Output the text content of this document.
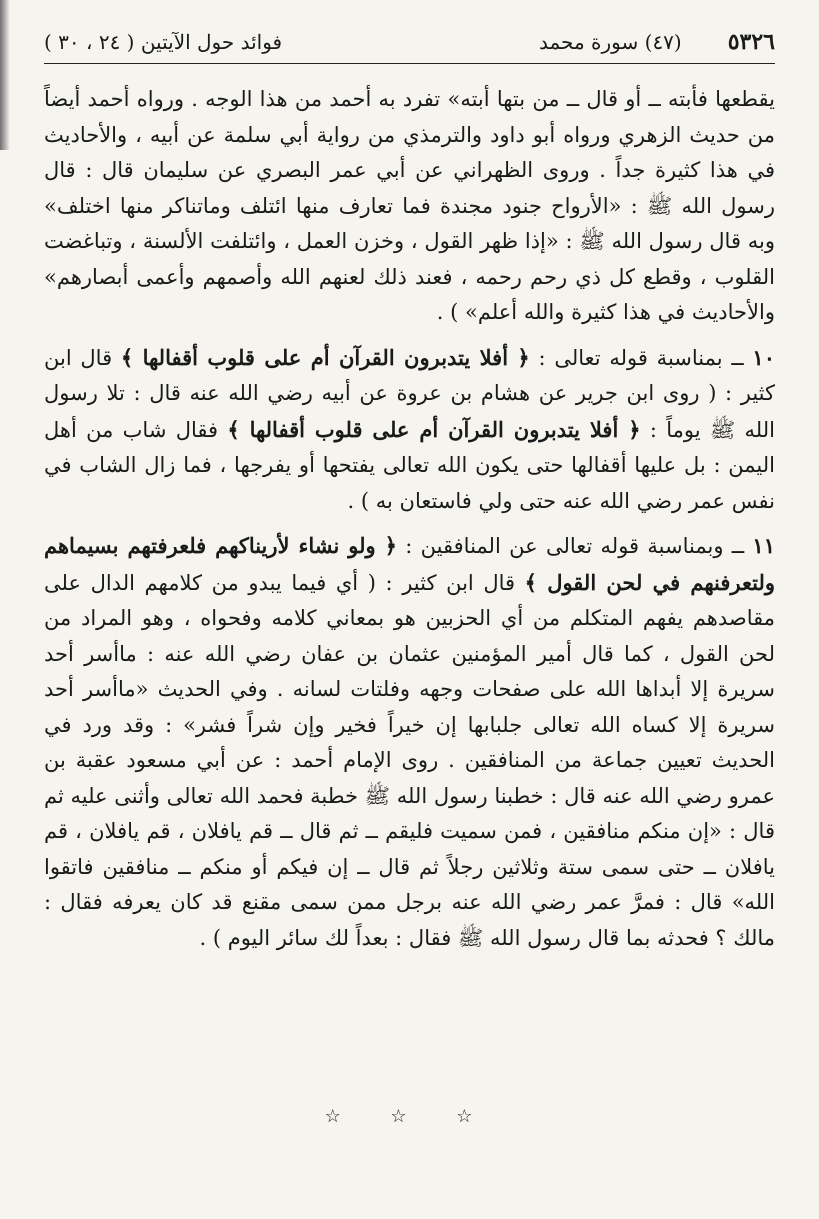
٥٣٢٦
(٤٧) سورة محمد
فوائد حول الآيتين ( ٢٤ ، ٣٠ )

يقطعها فأبته ــ أو قال ــ من بتها أبته» تفرد به أحمد من هذا الوجه . ورواه أحمد أيضاً من حديث الزهري ورواه أبو داود والترمذي من رواية أبي سلمة عن أبيه ، والأحاديث في هذا كثيرة جداً . وروى الظهراني عن أبي عمر البصري عن سليمان قال : قال رسول الله ﷺ : «الأرواح جنود مجندة فما تعارف منها ائتلف وماتناكر منها اختلف» وبه قال رسول الله ﷺ : «إذا ظهر القول ، وخزن العمل ، وائتلفت الألسنة ، وتباغضت القلوب ، وقطع كل ذي رحم رحمه ، فعند ذلك لعنهم الله وأصمهم وأعمى أبصارهم» والأحاديث في هذا كثيرة والله أعلم» ) .

١٠ ــ بمناسبة قوله تعالى : ﴿ أفلا يتدبرون القرآن أم على قلوب أقفالها ﴾ قال ابن كثير : ( روى ابن جرير عن هشام بن عروة عن أبيه رضي الله عنه قال : تلا رسول الله ﷺ يوماً : ﴿ أفلا يتدبرون القرآن أم على قلوب أقفالها ﴾ فقال شاب من أهل اليمن : بل عليها أقفالها حتى يكون الله تعالى يفتحها أو يفرجها ، فما زال الشاب في نفس عمر رضي الله عنه حتى ولي فاستعان به ) .

١١ ــ وبمناسبة قوله تعالى عن المنافقين : ﴿ ولو نشاء لأريناكهم فلعرفتهم بسيماهم ولتعرفنهم في لحن القول ﴾ قال ابن كثير : ( أي فيما يبدو من كلامهم الدال على مقاصدهم يفهم المتكلم من أي الحزبين هو بمعاني كلامه وفحواه ، وهو المراد من لحن القول ، كما قال أمير المؤمنين عثمان بن عفان رضي الله عنه : ماأسر أحد سريرة إلا أبداها الله على صفحات وجهه وفلتات لسانه . وفي الحديث «ماأسر أحد سريرة إلا كساه الله تعالى جلبابها إن خيراً فخير وإن شراً فشر» : وقد ورد في الحديث تعيين جماعة من المنافقين . روى الإمام أحمد : عن أبي مسعود عقبة بن عمرو رضي الله عنه قال : خطبنا رسول الله ﷺ خطبة فحمد الله تعالى وأثنى عليه ثم قال : «إن منكم منافقين ، فمن سميت فليقم ــ ثم قال ــ قم يافلان ، قم يافلان ، قم يافلان ــ حتى سمى ستة وثلاثين رجلاً ثم قال ــ إن فيكم أو منكم ــ منافقين فاتقوا الله» قال : فمرَّ عمر رضي الله عنه برجل ممن سمى مقنع قد كان يعرفه فقال : مالك ؟ فحدثه بما قال رسول الله ﷺ فقال : بعداً لك سائر اليوم ) .

☆ ☆ ☆
